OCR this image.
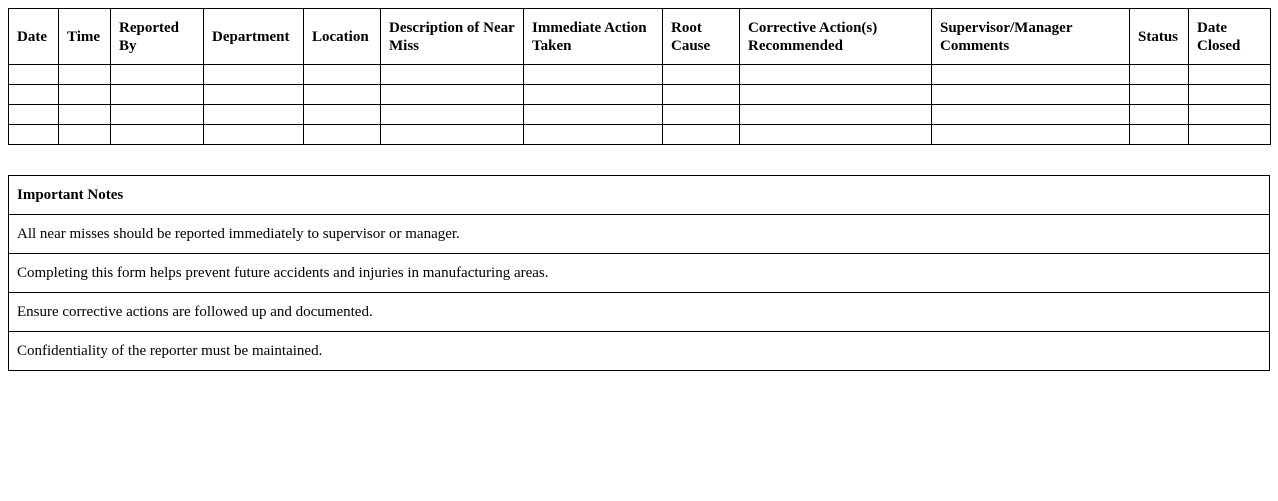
Date	Time	Reported By	Department	Location	Description of Near Miss	Immediate Action Taken	Root Cause	Corrective Action(s) Recommended	Supervisor/Manager Comments	Status	Date Closed

Important Notes
All near misses should be reported immediately to supervisor or manager.
Completing this form helps prevent future accidents and injuries in manufacturing areas.
Ensure corrective actions are followed up and documented.
Confidentiality of the reporter must be maintained.
